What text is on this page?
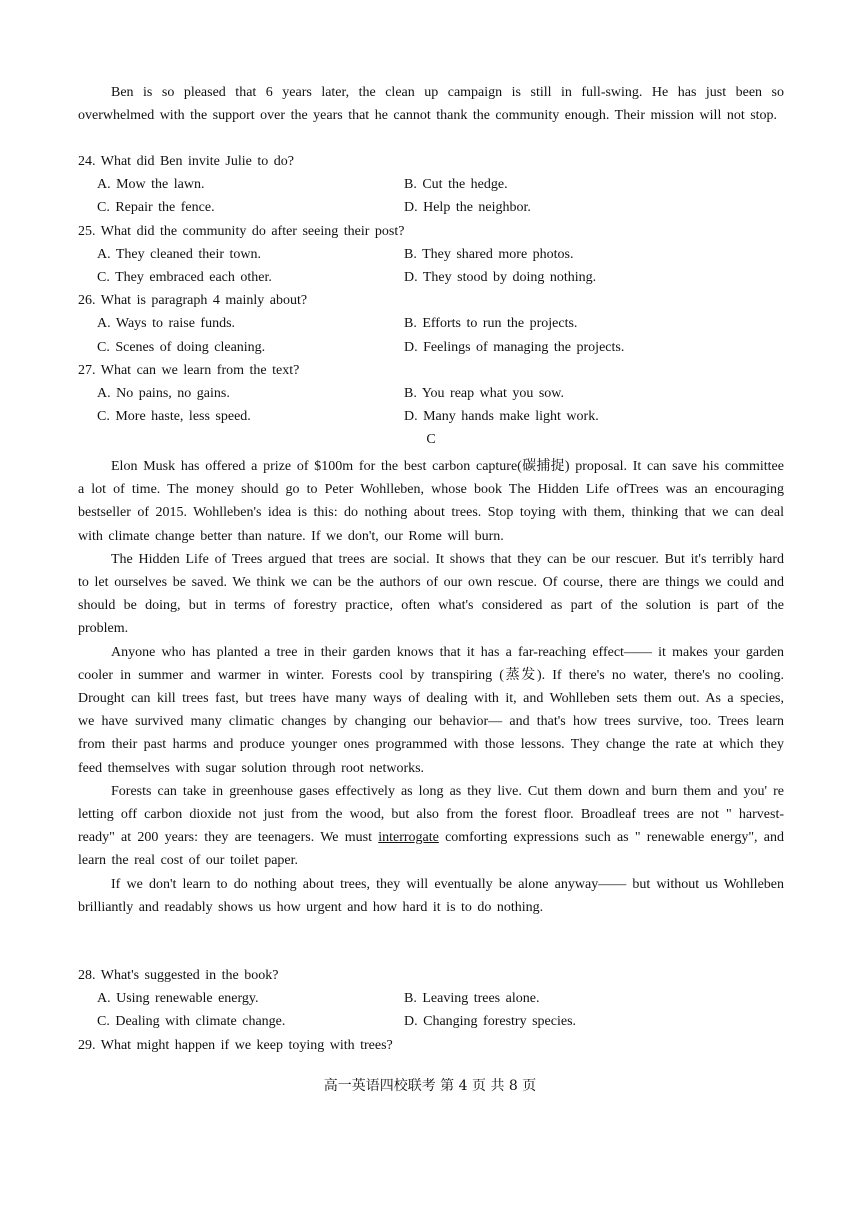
Ben is so pleased that 6 years later, the clean up campaign is still in full-swing. He has just been so overwhelmed with the support over the years that he cannot thank the community enough. Their mission will not stop.

24. What did Ben invite Julie to do?

A. Mow the lawn.	B. Cut the hedge.
C. Repair the fence.	D. Help the neighbor.

25. What did the community do after seeing their post?

A. They cleaned their town.	B. They shared more photos.
C. They embraced each other.	D. They stood by doing nothing.

26. What is paragraph 4 mainly about?

A. Ways to raise funds.	B. Efforts to run the projects.
C. Scenes of doing cleaning.	D. Feelings of managing the projects.

27. What can we learn from the text?

A. No pains, no gains.	B. You reap what you sow.
C. More haste, less speed.	D. Many hands make light work.

C

Elon Musk has offered a prize of $100m for the best carbon capture(碳捕捉) proposal. It can save his committee a lot of time. The money should go to Peter Wohlleben, whose book The Hidden Life ofTrees was an encouraging bestseller of 2015. Wohlleben's idea is this: do nothing about trees. Stop toying with them, thinking that we can deal with climate change better than nature. If we don't, our Rome will burn.

The Hidden Life of Trees argued that trees are social. It shows that they can be our rescuer. But it's terribly hard to let ourselves be saved. We think we can be the authors of our own rescue. Of course, there are things we could and should be doing, but in terms of forestry practice, often what's considered as part of the solution is part of the problem.

Anyone who has planted a tree in their garden knows that it has a far-reaching effect—— it makes your garden cooler in summer and warmer in winter. Forests cool by transpiring (蒸发). If there's no water, there's no cooling. Drought can kill trees fast, but trees have many ways of dealing with it, and Wohlleben sets them out. As a species, we have survived many climatic changes by changing our behavior— and that's how trees survive, too. Trees learn from their past harms and produce younger ones programmed with those lessons. They change the rate at which they feed themselves with sugar solution through root networks.

Forests can take in greenhouse gases effectively as long as they live. Cut them down and burn them and you' re letting off carbon dioxide not just from the wood, but also from the forest floor. Broadleaf trees are not " harvest-ready" at 200 years: they are teenagers. We must interrogate comforting expressions such as " renewable energy", and learn the real cost of our toilet paper.

If we don't learn to do nothing about trees, they will eventually be alone anyway—— but without us Wohlleben brilliantly and readably shows us how urgent and how hard it is to do nothing.

28. What's suggested in the book?

A. Using renewable energy.	B. Leaving trees alone.
C. Dealing with climate change.	D. Changing forestry species.

29. What might happen if we keep toying with trees?

高一英语四校联考 第 4 页 共 8 页
